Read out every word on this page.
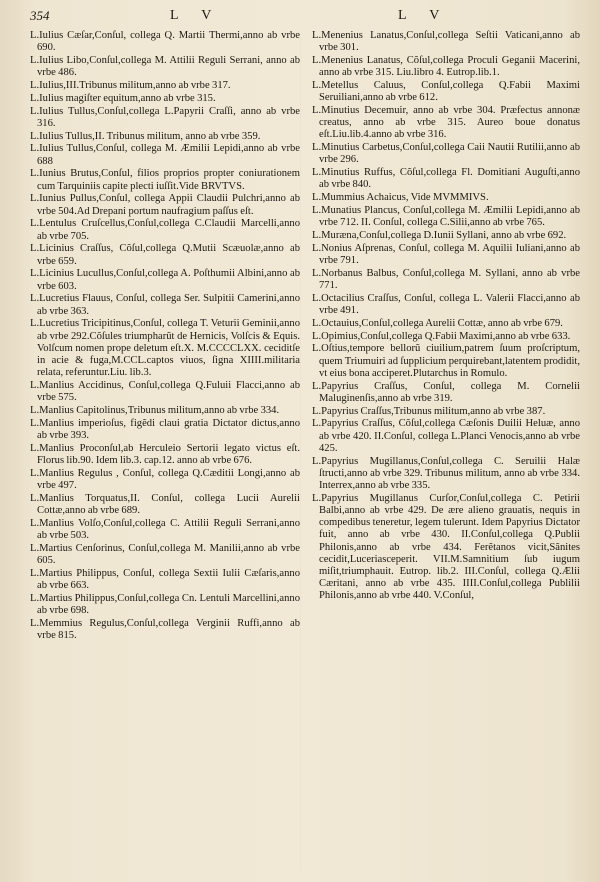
354	L V	L V

L.Iulius Cæſar,Conſul, collega Q. Martii Thermi,anno ab vrbe 690.

L.Iulius Libo,Conſul,collega M. Attilii Reguli Serrani, anno ab vrbe 486.

L.Iulius,III.Tribunus militum,anno ab vrbe 317.

L.Iulius magiſter equitum,anno ab vrbe 315.

L.Iulius Tullus,Conſul,collega L.Papyrii Craſſi, anno ab vrbe 316.

L.Iulius Tullus,II. Tribunus militum, anno ab vrbe 359.

L.Iulius Tullus,Conſul, collega M. Æmilii Lepidi,anno ab vrbe 688

L.Iunius Brutus,Conſul, filios proprios propter coniurationem cum Tarquiniis capite plecti iuſſit.Vide BRVTVS.

L.Iunius Pullus,Conſul, collega Appii Claudii Pulchri,anno ab vrbe 504.Ad Drepani portum naufragium paſſus eſt.

L.Lentulus Cruſcellus,Conſul,collega C.Claudii Marcelli,anno ab vrbe 705.

L.Licinius Craſſus, Cõſul,collega Q.Mutii Scæuolæ,anno ab vrbe 659.

L.Licinius Lucullus,Conſul,collega A. Poſthumii Albini,anno ab vrbe 603.

L.Lucretius Flauus, Conſul, collega Ser. Sulpitii Camerini,anno ab vrbe 363.

L.Lucretius Tricipitinus,Conſul, collega T. Veturii Geminii,anno ab vrbe 292.Cõſules triumpharũt de Hernicis, Volſcis & Equis. Volſcum nomen prope deletum eſt.X. M.CCCCLXX. ceciditſe in acie & fuga,M.CCL.captos viuos, ſigna XIIII.militaria relata, referuntur.Liu. lib.3.

L.Manlius Accidinus, Conſul,collega Q.Fuluii Flacci,anno ab vrbe 575.

L.Manlius Capitolinus,Tribunus militum,anno ab vrbe 334.

L.Manlius imperioſus, figẽdi claui gratia Dictator dictus,anno ab vrbe 393.

L.Manlius Proconſul,ab Herculeio Sertorii legato victus eſt. Florus lib.90. Idem lib.3. cap.12. anno ab vrbe 676.

L.Manlius Regulus , Conſul, collega Q.Cæditii Longi,anno ab vrbe 497.

L.Manlius Torquatus,II. Conſul, collega Lucii Aurelii Cottæ,anno ab vrbe 689.

L.Manlius Volſo,Conſul,collega C. Attilii Reguli Serrani,anno ab vrbe 503.

L.Martius Cenſorinus, Conſul,collega M. Manilii,anno ab vrbe 605.

L.Martius Philippus, Conſul, collega Sextii Iulii Cæſaris,anno ab vrbe 663.

L.Martius Philippus,Conſul,collega Cn. Lentuli Marcellini,anno ab vrbe 698.

L.Memmius Regulus,Conſul,collega Verginii Ruffi,anno ab vrbe 815.

L.Menenius Lanatus,Conſul,collega Seſtii Vaticani,anno ab vrbe 301.

L.Menenius Lanatus, Cõſul,collega Proculi Geganii Macerini, anno ab vrbe 315. Liu.libro 4. Eutrop.lib.1.

L.Metellus Caluus, Conſul,collega Q.Fabii Maximi Seruiliani,anno ab vrbe 612.

L.Minutius Decemuir, anno ab vrbe 304. Præfectus annonæ creatus, anno ab vrbe 315. Aureo boue donatus eſt.Liu.lib.4.anno ab vrbe 316.

L.Minutius Carbetus,Conſul,collega Caii Nautii Rutilii,anno ab vrbe 296.

L.Minutius Ruffus, Cõſul,collega Fl. Domitiani Auguſti,anno ab vrbe 840.

L.Mummius Achaicus, Vide MVMMIVS.

L.Munatius Plancus, Conſul,collega M. Æmilii Lepidi,anno ab vrbe 712. II. Conſul, collega C.Silii,anno ab vrbe 765.

L.Muræna,Conſul,collega D.Iunii Syllani, anno ab vrbe 692.

L.Nonius Aſprenas, Conſul, collega M. Aquilii Iuliani,anno ab vrbe 791.

L.Norbanus Balbus, Conſul,collega M. Syllani, anno ab vrbe 771.

L.Octacilius Craſſus, Conſul, collega L. Valerii Flacci,anno ab vrbe 491.

L.Octauius,Conſul,collega Aurelii Cottæ, anno ab vrbe 679.

L.Opimius,Conſul,collega Q.Fabii Maximi,anno ab vrbe 633.

L.Oſtius,tempore bellorũ ciuilium,patrem ſuum proſcriptum, quem Triumuiri ad ſupplicium perquirebant,latentem prodidit, vt eius bona acciperet.Plutarchus in Romulo.

L.Papyrius Craſſus, Conſul, collega M. Cornelii Maluginenſis,anno ab vrbe 319.

L.Papyrius Craſſus,Tribunus militum,anno ab vrbe 387.

L.Papyrius Craſſus, Cõſul,collega Cæſonis Duilii Heluæ, anno ab vrbe 420. II.Conſul, collega L.Planci Venocis,anno ab vrbe 425.

L.Papyrius Mugillanus,Conſul,collega C. Seruilii Halæ ſtructi,anno ab vrbe 329. Tribunus militum, anno ab vrbe 334. Interrex,anno ab vrbe 335.

L.Papyrius Mugillanus Curſor,Conſul,collega C. Petirii Balbi,anno ab vrbe 429. De ære alieno grauatis, nequis in compedibus teneretur, legem tulerunt. Idem Papyrius Dictator fuit, anno ab vrbe 430. II.Conſul,collega Q.Publii Philonis,anno ab vrbe 434. Ferẽtanos vicit,Sãnites cecidit,Luceriasceperit. VII.M.Samnitium ſub iugum miſit,triumphauit. Eutrop. lib.2. III.Conſul, collega Q.Ælii Cæritani, anno ab vrbe 435. IIII.Conſul,collega Publilii Philonis,anno ab vrbe 440. V.Conſul,
